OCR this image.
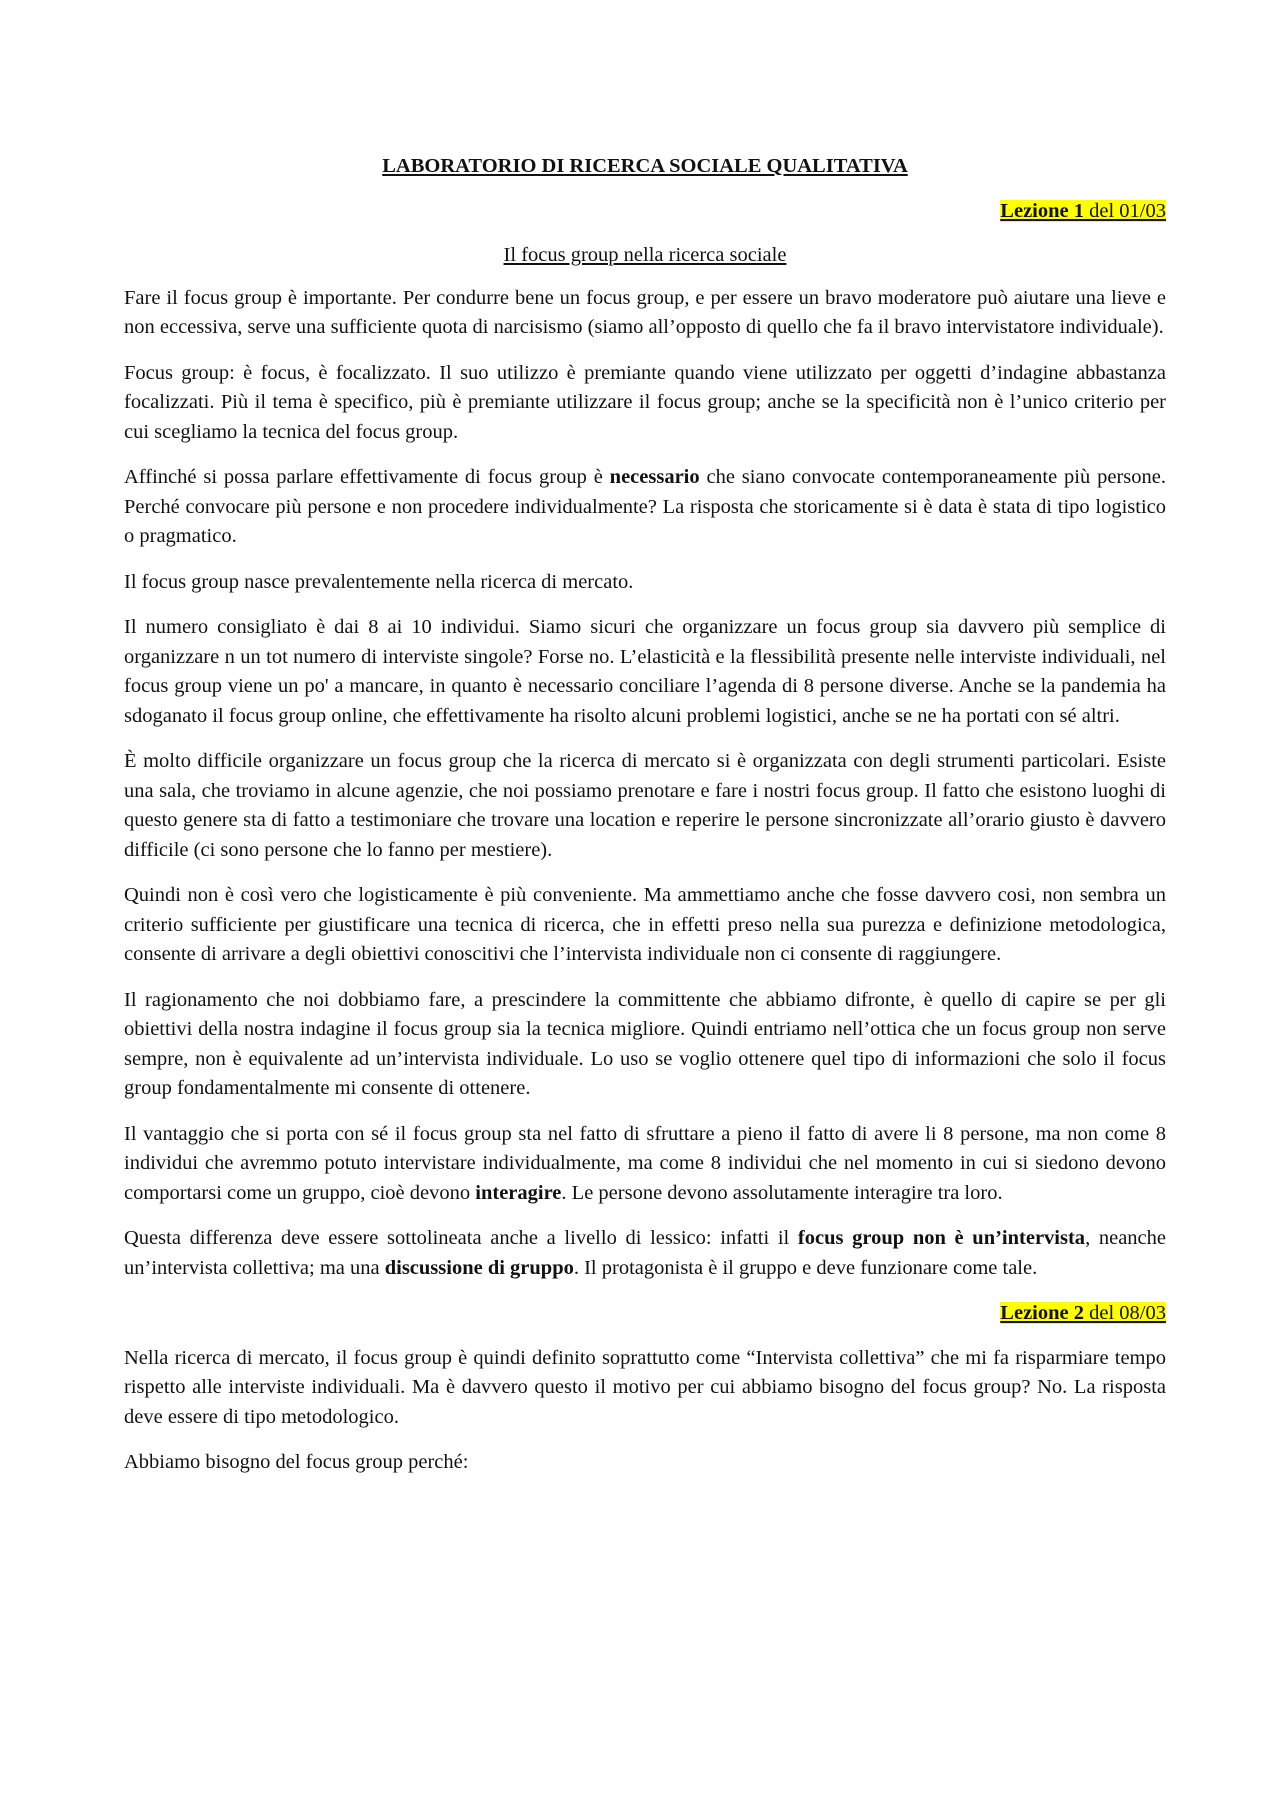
LABORATORIO DI RICERCA SOCIALE QUALITATIVA
Lezione 1 del 01/03
Il focus group nella ricerca sociale

Fare il focus group è importante. Per condurre bene un focus group, e per essere un bravo moderatore può aiutare una lieve e non eccessiva, serve una sufficiente quota di narcisismo (siamo all’opposto di quello che fa il bravo intervistatore individuale).

Focus group: è focus, è focalizzato. Il suo utilizzo è premiante quando viene utilizzato per oggetti d’indagine abbastanza focalizzati. Più il tema è specifico, più è premiante utilizzare il focus group; anche se la specificità non è l’unico criterio per cui scegliamo la tecnica del focus group.

Affinché si possa parlare effettivamente di focus group è necessario che siano convocate contemporaneamente più persone. Perché convocare più persone e non procedere individualmente? La risposta che storicamente si è data è stata di tipo logistico o pragmatico.

Il focus group nasce prevalentemente nella ricerca di mercato.

Il numero consigliato è dai 8 ai 10 individui. Siamo sicuri che organizzare un focus group sia davvero più semplice di organizzare n un tot numero di interviste singole? Forse no. L’elasticità e la flessibilità presente nelle interviste individuali, nel focus group viene un po' a mancare, in quanto è necessario conciliare l’agenda di 8 persone diverse. Anche se la pandemia ha sdoganato il focus group online, che effettivamente ha risolto alcuni problemi logistici, anche se ne ha portati con sé altri.

È molto difficile organizzare un focus group che la ricerca di mercato si è organizzata con degli strumenti particolari. Esiste una sala, che troviamo in alcune agenzie, che noi possiamo prenotare e fare i nostri focus group. Il fatto che esistono luoghi di questo genere sta di fatto a testimoniare che trovare una location e reperire le persone sincronizzate all’orario giusto è davvero difficile (ci sono persone che lo fanno per mestiere).

Quindi non è così vero che logisticamente è più conveniente. Ma ammettiamo anche che fosse davvero cosi, non sembra un criterio sufficiente per giustificare una tecnica di ricerca, che in effetti preso nella sua purezza e definizione metodologica, consente di arrivare a degli obiettivi conoscitivi che l’intervista individuale non ci consente di raggiungere.

Il ragionamento che noi dobbiamo fare, a prescindere la committente che abbiamo difronte, è quello di capire se per gli obiettivi della nostra indagine il focus group sia la tecnica migliore. Quindi entriamo nell’ottica che un focus group non serve sempre, non è equivalente ad un’intervista individuale. Lo uso se voglio ottenere quel tipo di informazioni che solo il focus group fondamentalmente mi consente di ottenere.

Il vantaggio che si porta con sé il focus group sta nel fatto di sfruttare a pieno il fatto di avere li 8 persone, ma non come 8 individui che avremmo potuto intervistare individualmente, ma come 8 individui che nel momento in cui si siedono devono comportarsi come un gruppo, cioè devono interagire. Le persone devono assolutamente interagire tra loro.

Questa differenza deve essere sottolineata anche a livello di lessico: infatti il focus group non è un’intervista, neanche un’intervista collettiva; ma una discussione di gruppo. Il protagonista è il gruppo e deve funzionare come tale.

Lezione 2 del 08/03

Nella ricerca di mercato, il focus group è quindi definito soprattutto come “Intervista collettiva” che mi fa risparmiare tempo rispetto alle interviste individuali. Ma è davvero questo il motivo per cui abbiamo bisogno del focus group? No. La risposta deve essere di tipo metodologico.

Abbiamo bisogno del focus group perché:
